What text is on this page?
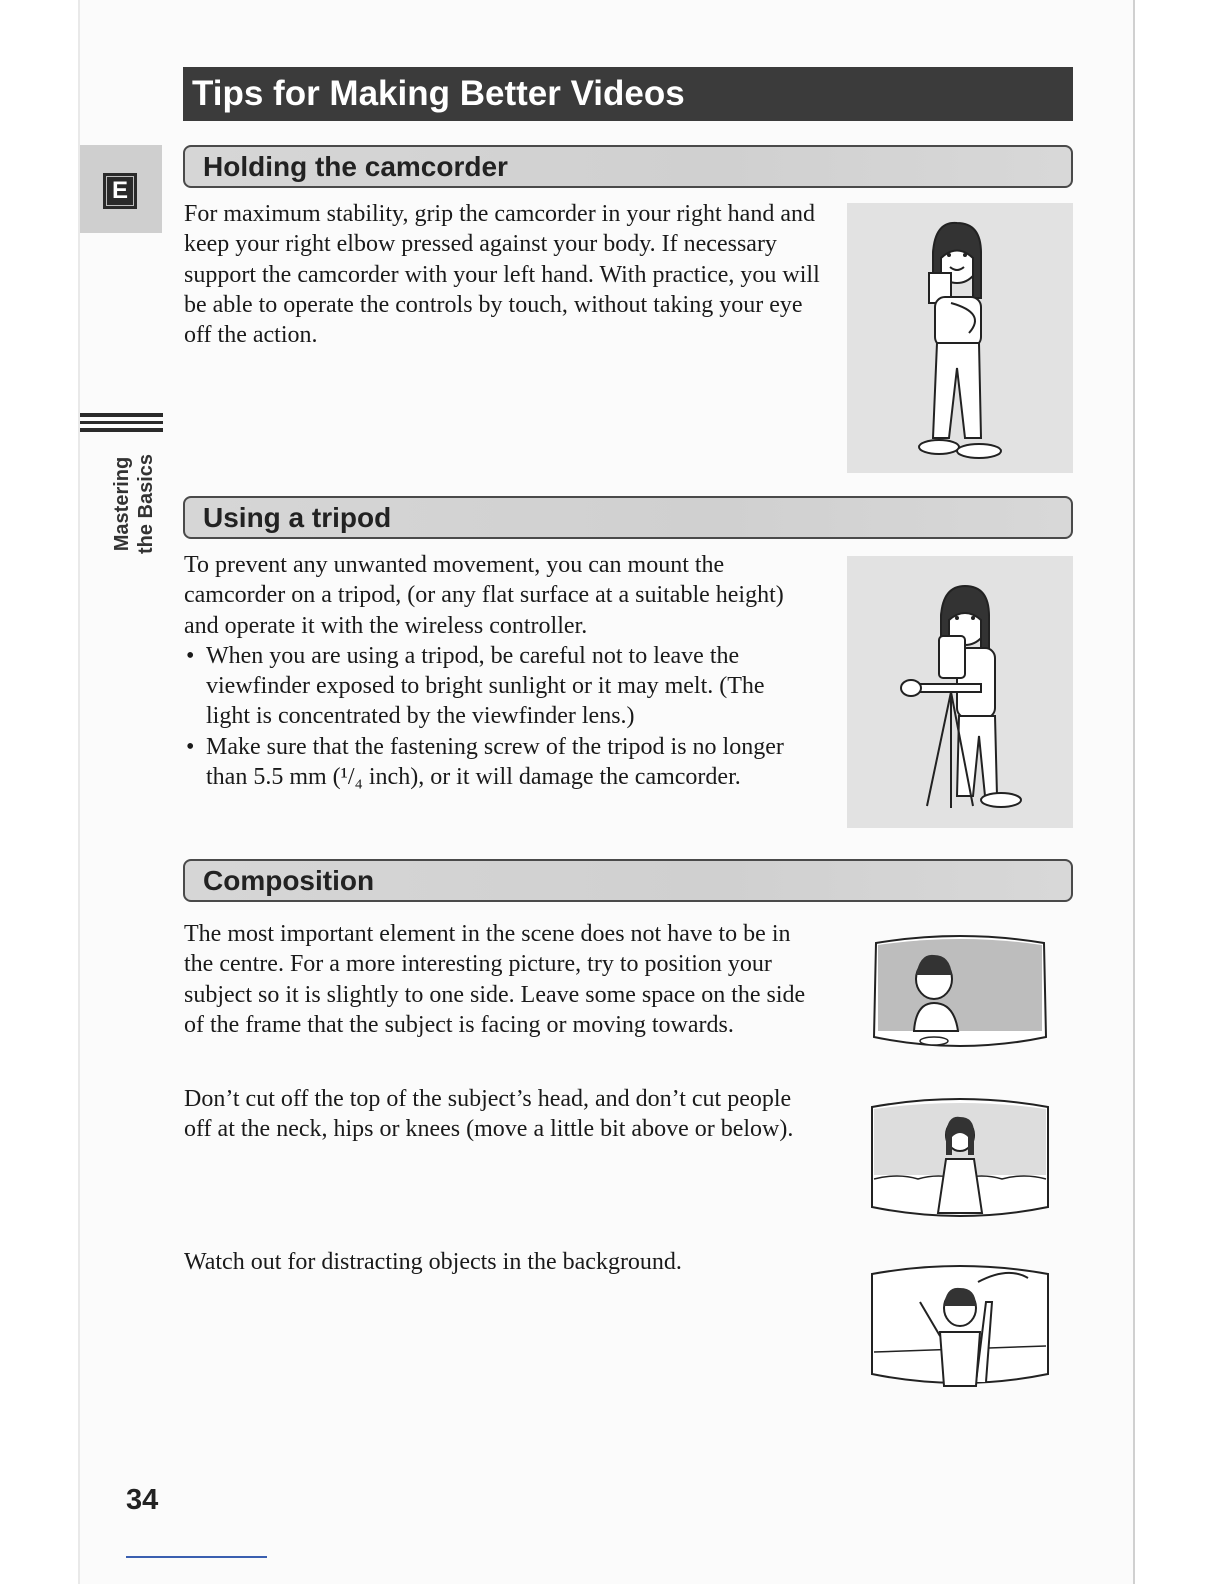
Tips for Making Better Videos
E
Mastering the Basics
Holding the camcorder

For maximum stability, grip the camcorder in your right hand and keep your right elbow pressed against your body. If necessary support the camcorder with your left hand. With practice, you will be able to operate the controls by touch, without taking your eye off the action.

Using a tripod

To prevent any unwanted movement, you can mount the camcorder on a tripod, (or any flat surface at a suitable height) and operate it with the wireless controller.

• When you are using a tripod, be careful not to leave the viewfinder exposed to bright sunlight or it may melt. (The light is concentrated by the viewfinder lens.)
• Make sure that the fastening screw of the tripod is no longer than 5.5 mm (¹/₄ inch), or it will damage the camcorder.
Composition

The most important element in the scene does not have to be in the centre. For a more interesting picture, try to position your subject so it is slightly to one side. Leave some space on the side of the frame that the subject is facing or moving towards.

Don’t cut off the top of the subject’s head, and don’t cut people off at the neck, hips or knees (move a little bit above or below).

Watch out for distracting objects in the background.

34
